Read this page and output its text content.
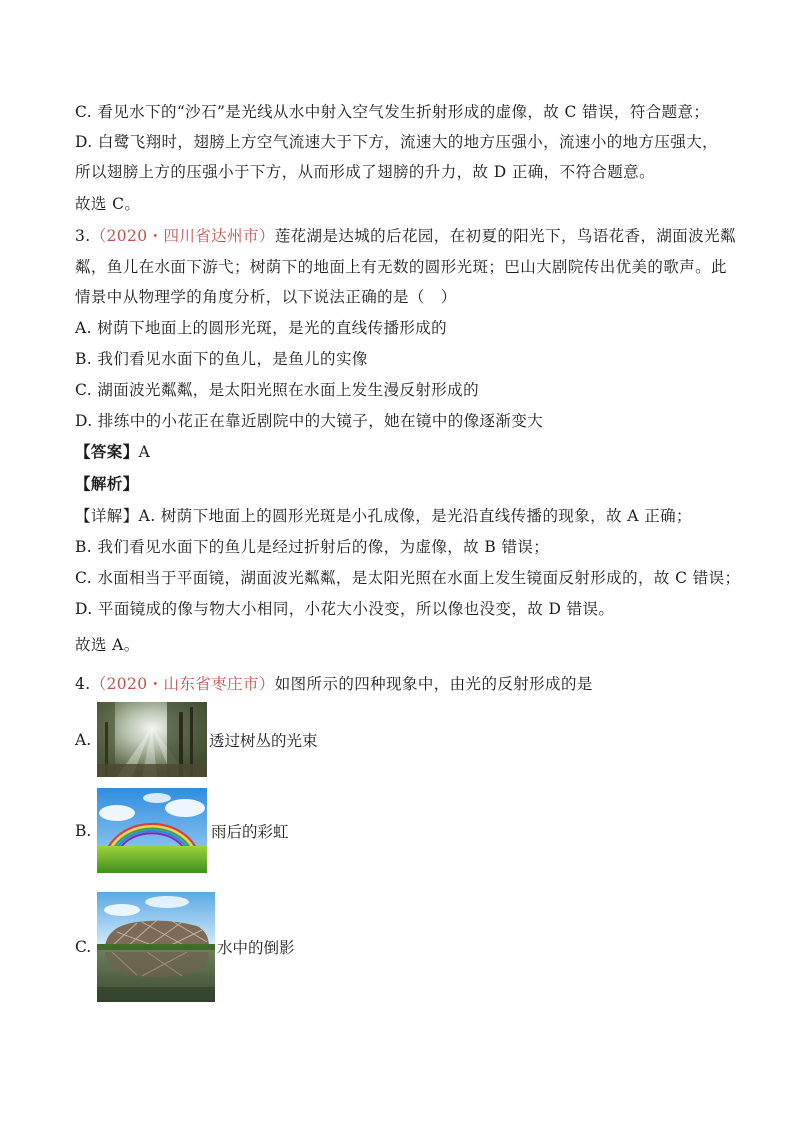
C. 看见水下的“沙石”是光线从水中射入空气发生折射形成的虚像，故 C 错误，符合题意；
D. 白鹭飞翔时，翅膀上方空气流速大于下方，流速大的地方压强小，流速小的地方压强大，
所以翅膀上方的压强小于下方，从而形成了翅膀的升力，故 D 正确，不符合题意。
故选 C。
3.（2020・四川省达州市）莲花湖是达城的后花园，在初夏的阳光下，鸟语花香，湖面波光粼
粼，鱼儿在水面下游弋；树荫下的地面上有无数的圆形光斑；巴山大剧院传出优美的歌声。此
情景中从物理学的角度分析，以下说法正确的是（　）
A. 树荫下地面上的圆形光斑，是光的直线传播形成的
B. 我们看见水面下的鱼儿，是鱼儿的实像
C. 湖面波光粼粼，是太阳光照在水面上发生漫反射形成的
D. 排练中的小花正在靠近剧院中的大镜子，她在镜中的像逐渐变大
【答案】A
【解析】
【详解】A. 树荫下地面上的圆形光斑是小孔成像，是光沿直线传播的现象，故 A 正确；
B. 我们看见水面下的鱼儿是经过折射后的像，为虚像，故 B 错误；
C. 水面相当于平面镜，湖面波光粼粼，是太阳光照在水面上发生镜面反射形成的，故 C 错误；
D. 平面镜成的像与物大小相同，小花大小没变，所以像也没变，故 D 错误。
故选 A。
4.（2020・山东省枣庄市）如图所示的四种现象中，由光的反射形成的是
A.	透过树丛的光束
B.	雨后的彩虹
C.	水中的倒影
